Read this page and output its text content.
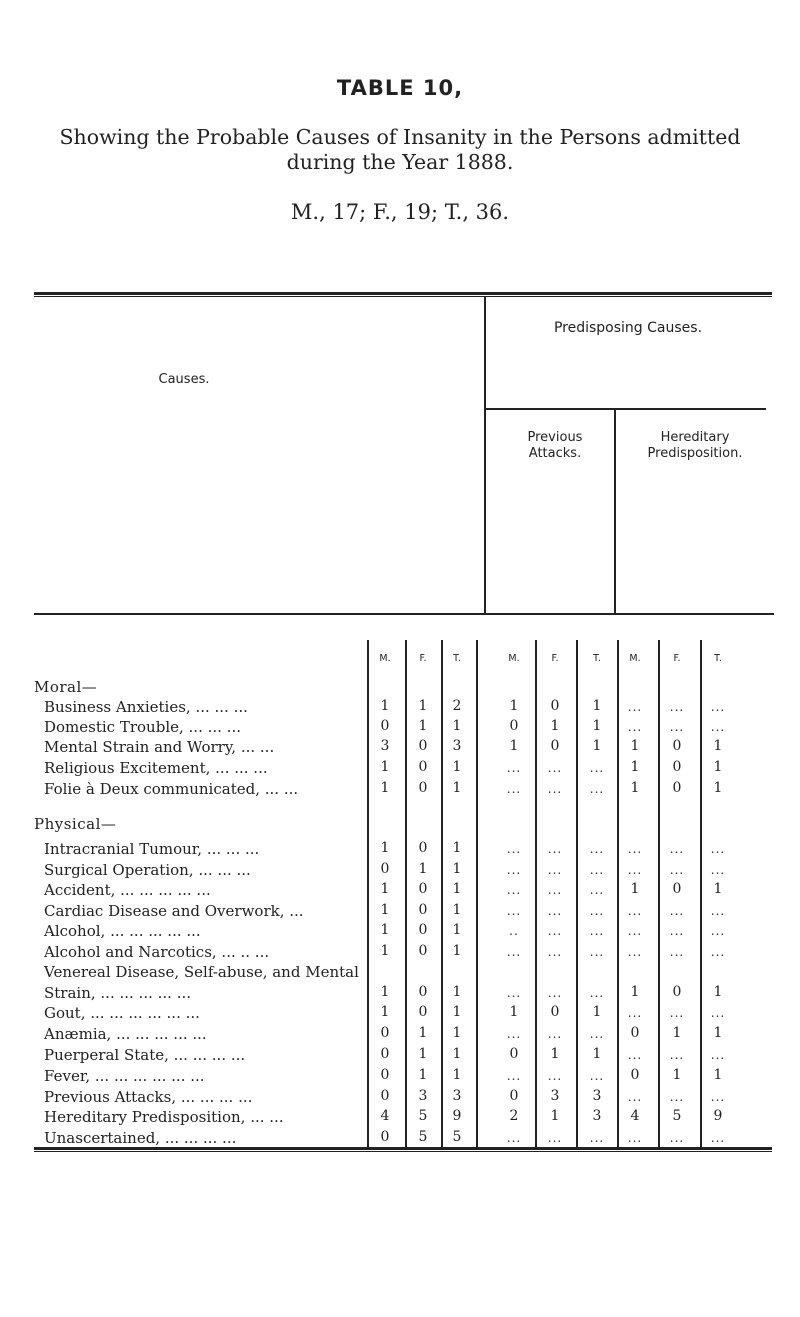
TABLE 10,
Showing the Probable Causes of Insanity in the Persons admitted during the Year 1888.
M., 17; F., 19; T., 36.
Causes.
Predisposing Causes.
Previous Attacks.
Hereditary Predisposition.
M.	F.	T.	M.	F.	T.	M.	F.	T.
Moral—
Physical—
Business Anxieties, ... ... ...	1	1	2	1	0	1	...	...	...
Domestic Trouble, ... ... ...	0	1	1	0	1	1	...	...	...
Mental Strain and Worry, ... ...	3	0	3	1	0	1	1	0	1
Religious Excitement, ... ... ...	1	0	1	...	...	...	1	0	1
Folie à Deux communicated, ... ...	1	0	1	...	...	...	1	0	1
Intracranial Tumour, ... ... ...	1	0	1	...	...	...	...	...	...
Surgical Operation, ... ... ...	0	1	1	...	...	...	...	...	...
Accident, ... ... ... ... ...	1	0	1	...	...	...	1	0	1
Cardiac Disease and Overwork, ...	1	0	1	...	...	...	...	...	...
Alcohol, ... ... ... ... ...	1	0	1	..	...	...	...	...	...
Alcohol and Narcotics, ... .. ...	1	0	1	...	...	...	...	...	...
Venereal Disease, Self-abuse, and Mental
Strain, ... ... ... ... ...	1	0	1	...	...	...	1	0	1
Gout, ... ... ... ... ... ...	1	0	1	1	0	1	...	...	...
Anæmia, ... ... ... ... ...	0	1	1	...	...	...	0	1	1
Puerperal State, ... ... ... ...	0	1	1	0	1	1	...	...	...
Fever, ... ... ... ... ... ...	0	1	1	...	...	...	0	1	1
Previous Attacks, ... ... ... ...	0	3	3	0	3	3	...	...	...
Hereditary Predisposition, ... ...	4	5	9	2	1	3	4	5	9
Unascertained, ... ... ... ...	0	5	5	...	...	...	...	...	...
